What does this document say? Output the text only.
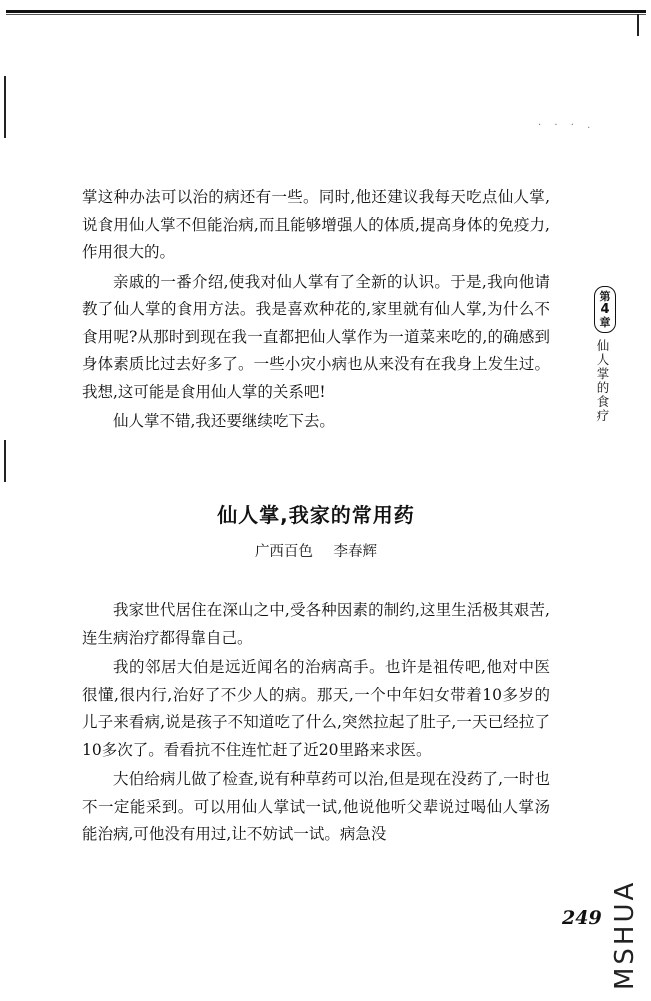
· · · .

掌这种办法可以治的病还有一些。同时,他还建议我每天吃点仙人掌,说食用仙人掌不但能治病,而且能够增强人的体质,提高身体的免疫力,作用很大的。

亲戚的一番介绍,使我对仙人掌有了全新的认识。于是,我向他请教了仙人掌的食用方法。我是喜欢种花的,家里就有仙人掌,为什么不食用呢?从那时到现在我一直都把仙人掌作为一道菜来吃的,的确感到身体素质比过去好多了。一些小灾小病也从来没有在我身上发生过。我想,这可能是食用仙人掌的关系吧!

仙人掌不错,我还要继续吃下去。

仙人掌,我家的常用药
广西百色 李春辉

我家世代居住在深山之中,受各种因素的制约,这里生活极其艰苦,连生病治疗都得靠自己。

我的邻居大伯是远近闻名的治病高手。也许是祖传吧,他对中医很懂,很内行,治好了不少人的病。那天,一个中年妇女带着10多岁的儿子来看病,说是孩子不知道吃了什么,突然拉起了肚子,一天已经拉了10多次了。看看抗不住连忙赶了近20里路来求医。

大伯给病儿做了检查,说有种草药可以治,但是现在没药了,一时也不一定能采到。可以用仙人掌试一试,他说他听父辈说过喝仙人掌汤能治病,可他没有用过,让不妨试一试。病急没

第
4
章
仙人掌的食疗
249 MSHUA
